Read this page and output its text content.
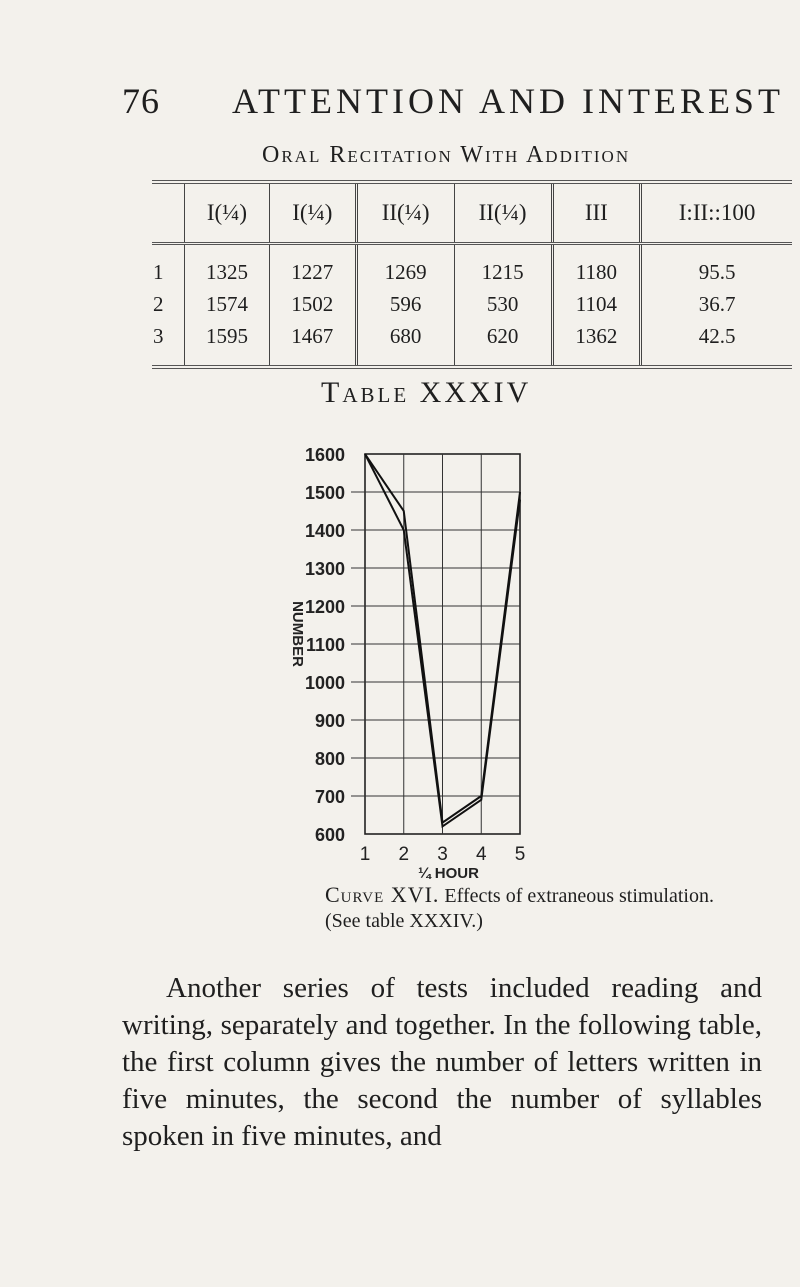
76 ATTENTION AND INTEREST
Oral Recitation With Addition
	I(¼)	I(¼)	II(¼)	II(¼)	III	I:II::100
1	1325	1227	1269	1215	1180	95.5
2	1574	1502	596	530	1104	36.7
3	1595	1467	680	620	1362	42.5
Table XXXIV
1600
1500
1400
1300
1200
1100
1000
900
800
700
600
1 2 3 4 5
¼ HOUR
NUMBER
Curve XVI. Effects of extraneous stimulation.
(See table XXXIV.)
Another series of tests included reading and writing, separately and together. In the following table, the first column gives the number of letters written in five minutes, the second the number of syllables spoken in five minutes, and
